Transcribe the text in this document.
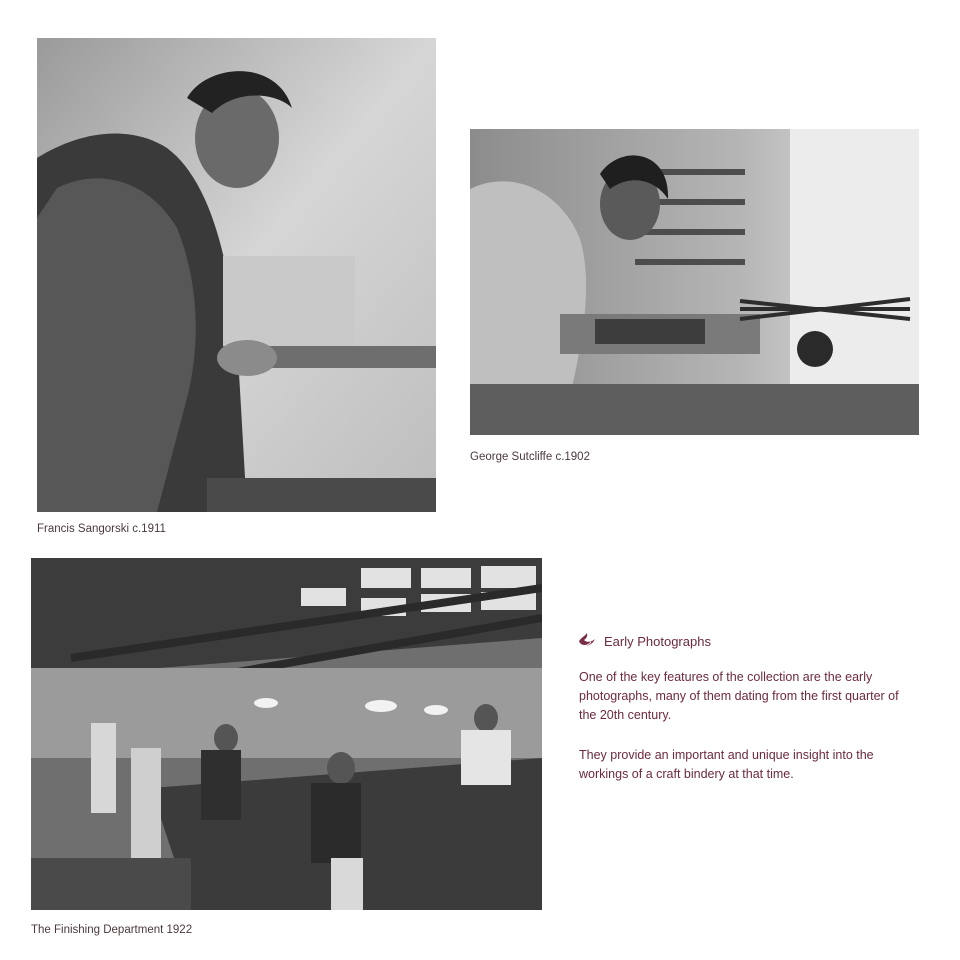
Francis Sangorski c.1911
George Sutcliffe c.1902
The Finishing Department 1922
Early Photographs

One of the key features of the collection are the early photographs, many of them dating from the first quarter of the 20th century.

They provide an important and unique insight into the workings of a craft bindery at that time.
